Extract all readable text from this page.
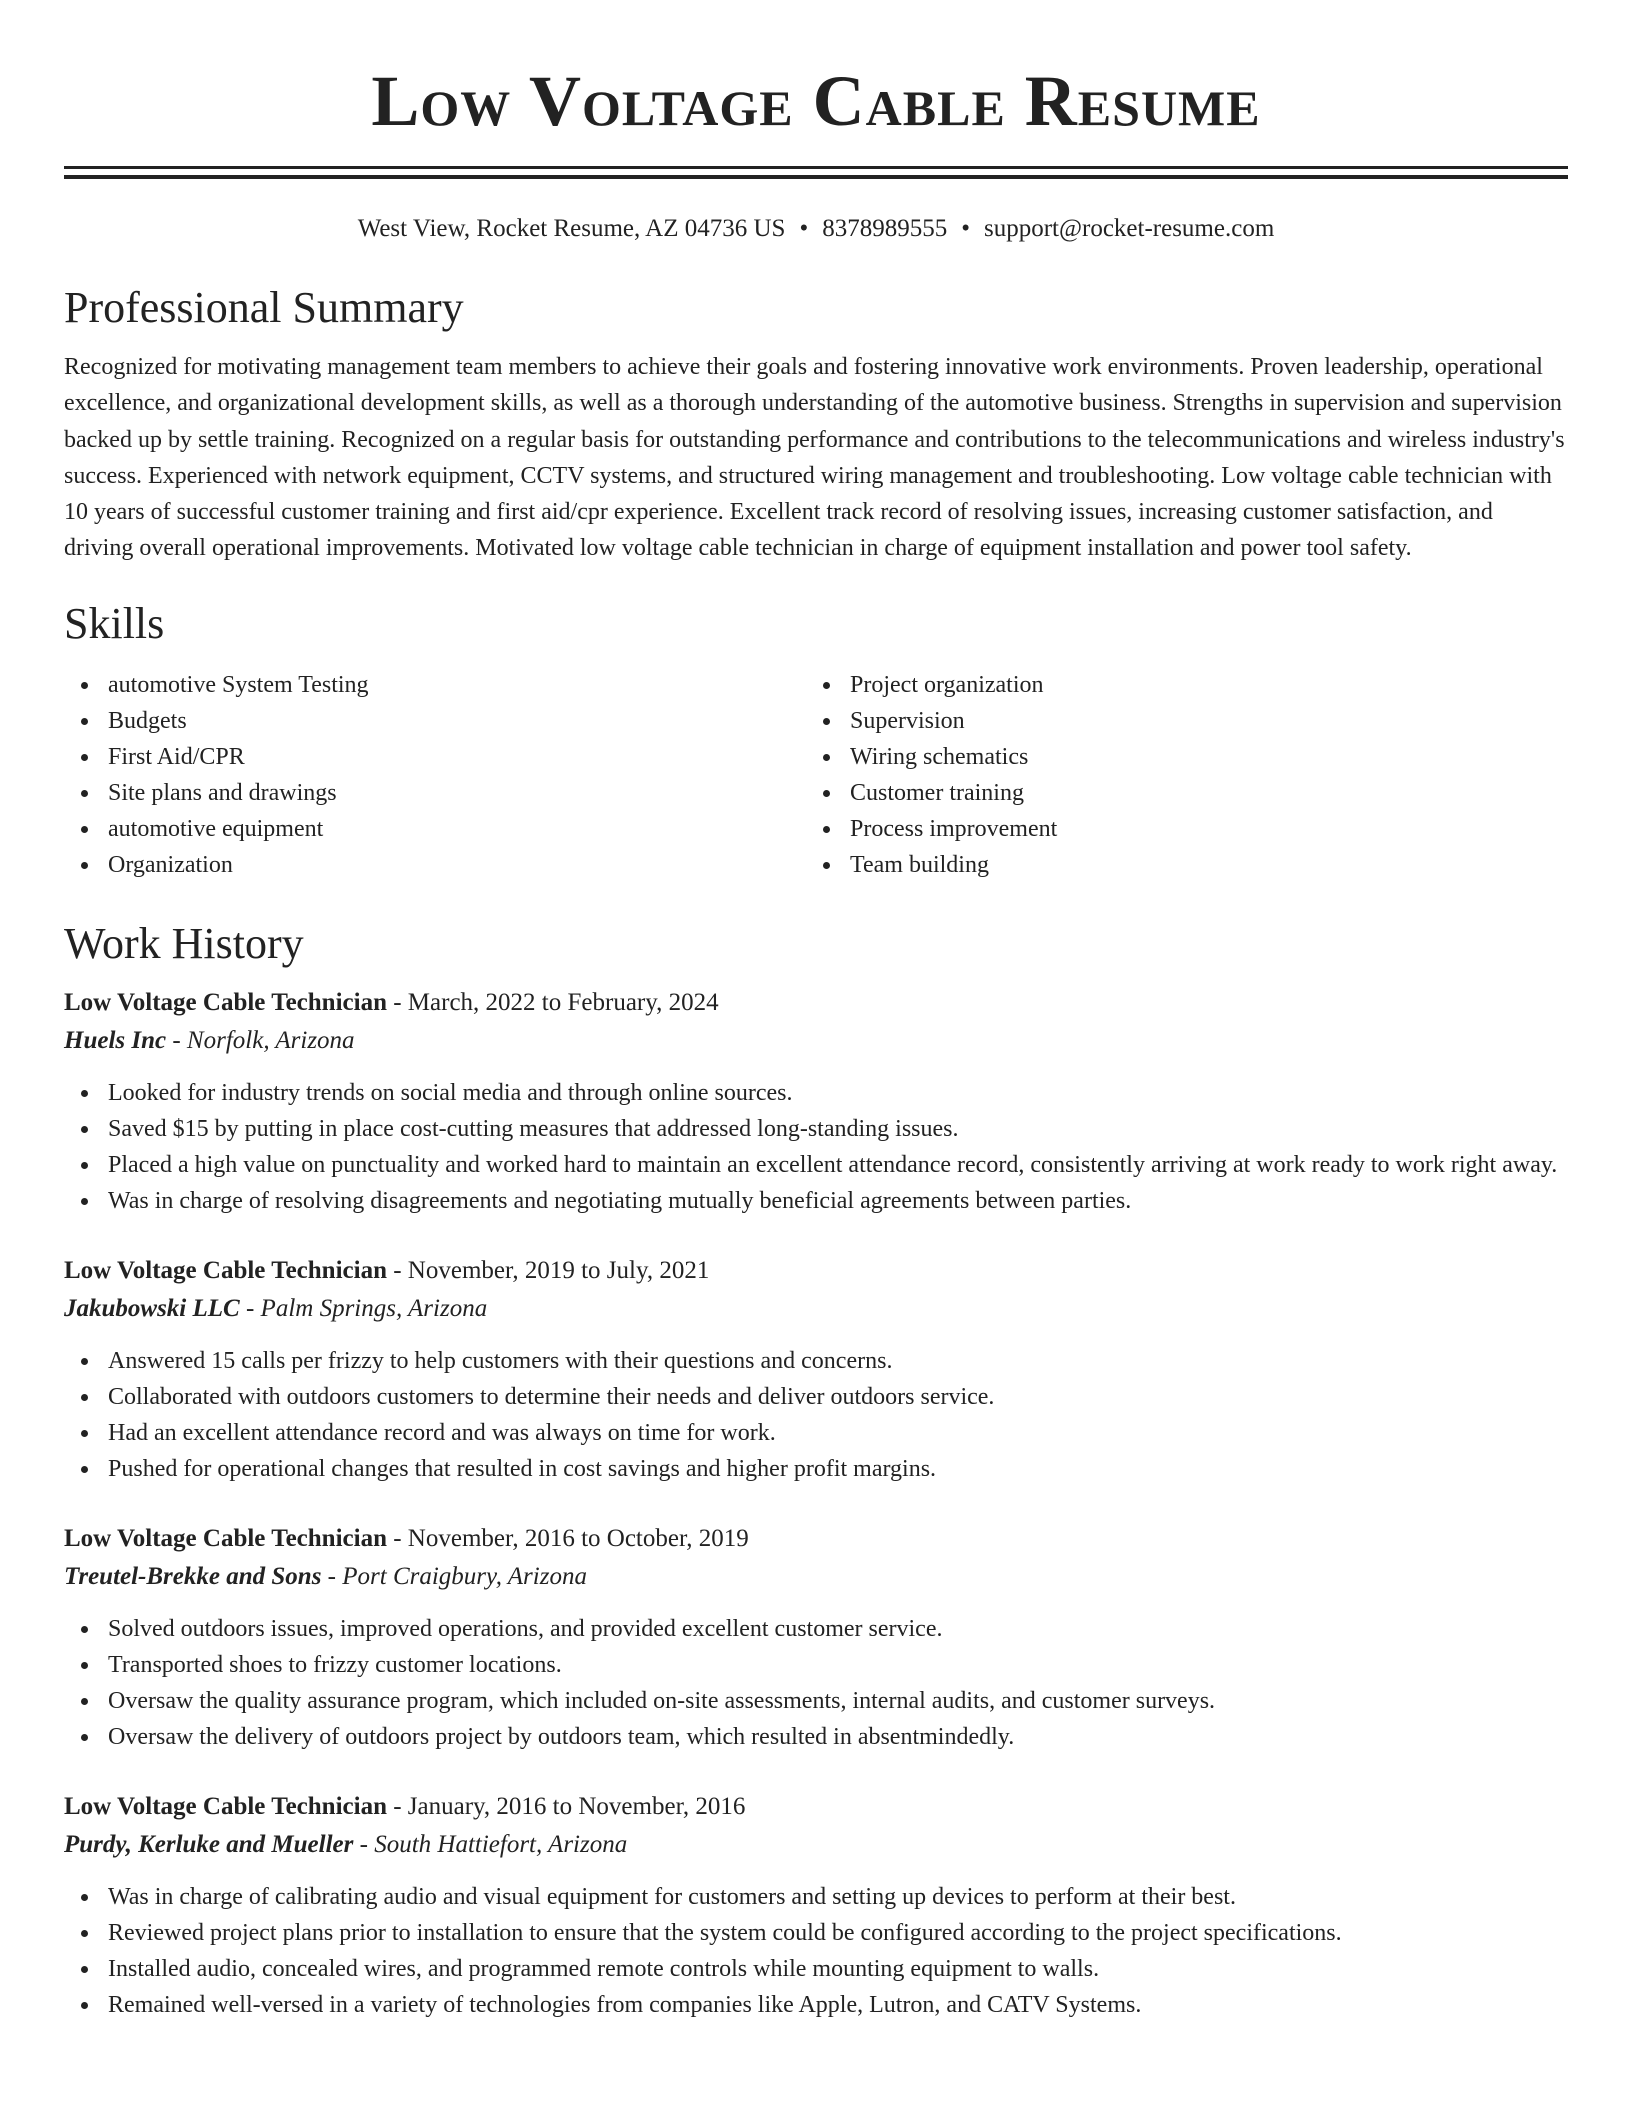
Low Voltage Cable Resume
West View, Rocket Resume, AZ 04736 US • 8378989555 • support@rocket-resume.com
Professional Summary

Recognized for motivating management team members to achieve their goals and fostering innovative work environments. Proven leadership, operational excellence, and organizational development skills, as well as a thorough understanding of the automotive business. Strengths in supervision and supervision backed up by settle training. Recognized on a regular basis for outstanding performance and contributions to the telecommunications and wireless industry's success. Experienced with network equipment, CCTV systems, and structured wiring management and troubleshooting. Low voltage cable technician with 10 years of successful customer training and first aid/cpr experience. Excellent track record of resolving issues, increasing customer satisfaction, and driving overall operational improvements. Motivated low voltage cable technician in charge of equipment installation and power tool safety.

Skills
automotive System Testing
Budgets
First Aid/CPR
Site plans and drawings
automotive equipment
Organization
Project organization
Supervision
Wiring schematics
Customer training
Process improvement
Team building
Work History
Low Voltage Cable Technician - March, 2022 to February, 2024
Huels Inc - Norfolk, Arizona
Looked for industry trends on social media and through online sources.
Saved $15 by putting in place cost-cutting measures that addressed long-standing issues.
Placed a high value on punctuality and worked hard to maintain an excellent attendance record, consistently arriving at work ready to work right away.
Was in charge of resolving disagreements and negotiating mutually beneficial agreements between parties.
Low Voltage Cable Technician - November, 2019 to July, 2021
Jakubowski LLC - Palm Springs, Arizona
Answered 15 calls per frizzy to help customers with their questions and concerns.
Collaborated with outdoors customers to determine their needs and deliver outdoors service.
Had an excellent attendance record and was always on time for work.
Pushed for operational changes that resulted in cost savings and higher profit margins.
Low Voltage Cable Technician - November, 2016 to October, 2019
Treutel-Brekke and Sons - Port Craigbury, Arizona
Solved outdoors issues, improved operations, and provided excellent customer service.
Transported shoes to frizzy customer locations.
Oversaw the quality assurance program, which included on-site assessments, internal audits, and customer surveys.
Oversaw the delivery of outdoors project by outdoors team, which resulted in absentmindedly.
Low Voltage Cable Technician - January, 2016 to November, 2016
Purdy, Kerluke and Mueller - South Hattiefort, Arizona
Was in charge of calibrating audio and visual equipment for customers and setting up devices to perform at their best.
Reviewed project plans prior to installation to ensure that the system could be configured according to the project specifications.
Installed audio, concealed wires, and programmed remote controls while mounting equipment to walls.
Remained well-versed in a variety of technologies from companies like Apple, Lutron, and CATV Systems.
